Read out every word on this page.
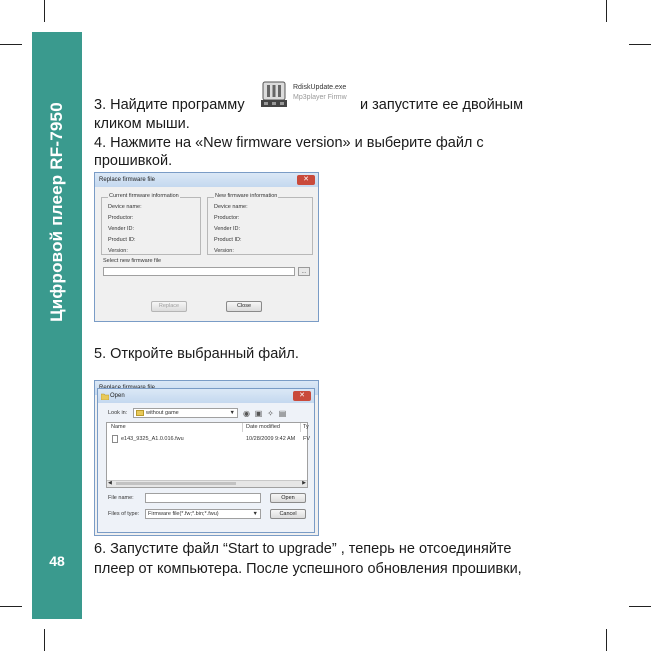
Цифровой плеер RF-7950
48
3. Найдите программу
RdiskUpdate.exe
Mp3player Firmw и запустите ее двойным
кликом мыши.
4. Нажмите на «New firmware version» и выберите файл с
прошивкой.
Replace firmware file	✕
Current firmware information
Device name:
Productor:
Vender ID:
Product ID:
Version:
New firmware information
Device name:
Productor:
Vender ID:
Product ID:
Version:
Select new firmware file
...
Replace	Close
5. Откройте выбранный файл.
Open	✕
Look in:	without game	▼ ◉ ▣ ✧ ▤
Name	Date modified	Ty
e143_9325_A1.0.016.fwu	10/28/2009 9:42 AM FV
◀	▶
File name:	Open
Files of type: Firmware file(*.fw;*.bin;*.fwu)	▼	Cancel
6. Запустите файл “Start to upgrade” , теперь не отсоединяйте
плеер от компьютера. После успешного обновления прошивки,
